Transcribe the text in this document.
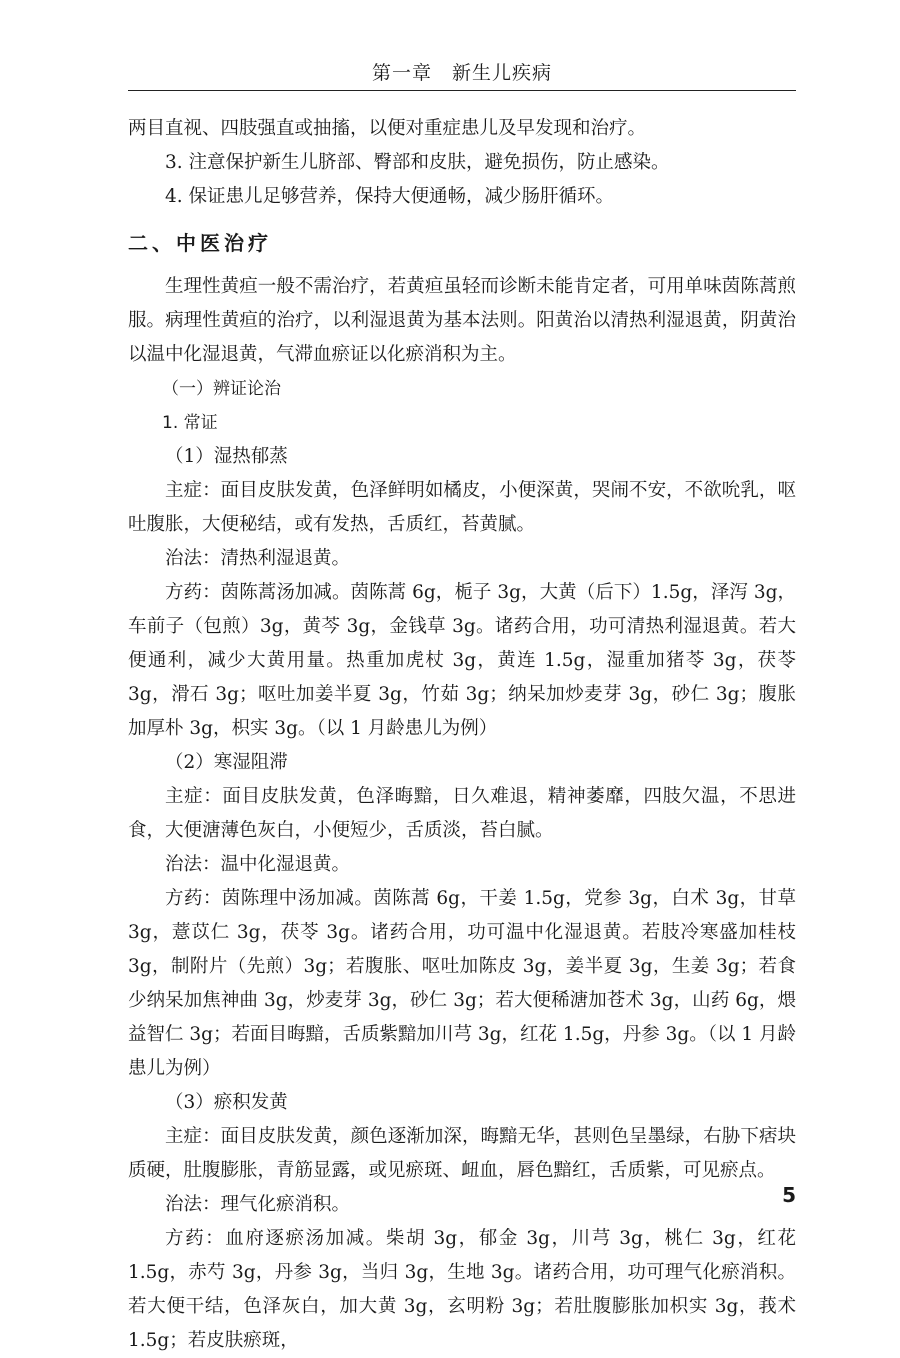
第一章　新生儿疾病

两目直视、四肢强直或抽搐，以便对重症患儿及早发现和治疗。

3. 注意保护新生儿脐部、臀部和皮肤，避免损伤，防止感染。

4. 保证患儿足够营养，保持大便通畅，减少肠肝循环。

二、中医治疗

生理性黄疸一般不需治疗，若黄疸虽轻而诊断未能肯定者，可用单味茵陈蒿煎服。病理性黄疸的治疗，以利湿退黄为基本法则。阳黄治以清热利湿退黄，阴黄治以温中化湿退黄，气滞血瘀证以化瘀消积为主。

（一）辨证论治

1. 常证

（1）湿热郁蒸

主症：面目皮肤发黄，色泽鲜明如橘皮，小便深黄，哭闹不安，不欲吮乳，呕吐腹胀，大便秘结，或有发热，舌质红，苔黄腻。

治法：清热利湿退黄。

方药：茵陈蒿汤加减。茵陈蒿 6g，栀子 3g，大黄（后下）1.5g，泽泻 3g，车前子（包煎）3g，黄芩 3g，金钱草 3g。诸药合用，功可清热利湿退黄。若大便通利，减少大黄用量。热重加虎杖 3g，黄连 1.5g，湿重加猪苓 3g，茯苓 3g，滑石 3g；呕吐加姜半夏 3g，竹茹 3g；纳呆加炒麦芽 3g，砂仁 3g；腹胀加厚朴 3g，枳实 3g。（以 1 月龄患儿为例）

（2）寒湿阻滞

主症：面目皮肤发黄，色泽晦黯，日久难退，精神萎靡，四肢欠温，不思进食，大便溏薄色灰白，小便短少，舌质淡，苔白腻。

治法：温中化湿退黄。

方药：茵陈理中汤加减。茵陈蒿 6g，干姜 1.5g，党参 3g，白术 3g，甘草 3g，薏苡仁 3g，茯苓 3g。诸药合用，功可温中化湿退黄。若肢冷寒盛加桂枝 3g，制附片（先煎）3g；若腹胀、呕吐加陈皮 3g，姜半夏 3g，生姜 3g；若食少纳呆加焦神曲 3g，炒麦芽 3g，砂仁 3g；若大便稀溏加苍术 3g，山药 6g，煨益智仁 3g；若面目晦黯，舌质紫黯加川芎 3g，红花 1.5g，丹参 3g。（以 1 月龄患儿为例）

（3）瘀积发黄

主症：面目皮肤发黄，颜色逐渐加深，晦黯无华，甚则色呈墨绿，右胁下痞块质硬，肚腹膨胀，青筋显露，或见瘀斑、衄血，唇色黯红，舌质紫，可见瘀点。

治法：理气化瘀消积。

方药：血府逐瘀汤加减。柴胡 3g，郁金 3g，川芎 3g，桃仁 3g，红花 1.5g，赤芍 3g，丹参 3g，当归 3g，生地 3g。诸药合用，功可理气化瘀消积。若大便干结，色泽灰白，加大黄 3g，玄明粉 3g；若肚腹膨胀加枳实 3g，莪术 1.5g；若皮肤瘀斑，

5
